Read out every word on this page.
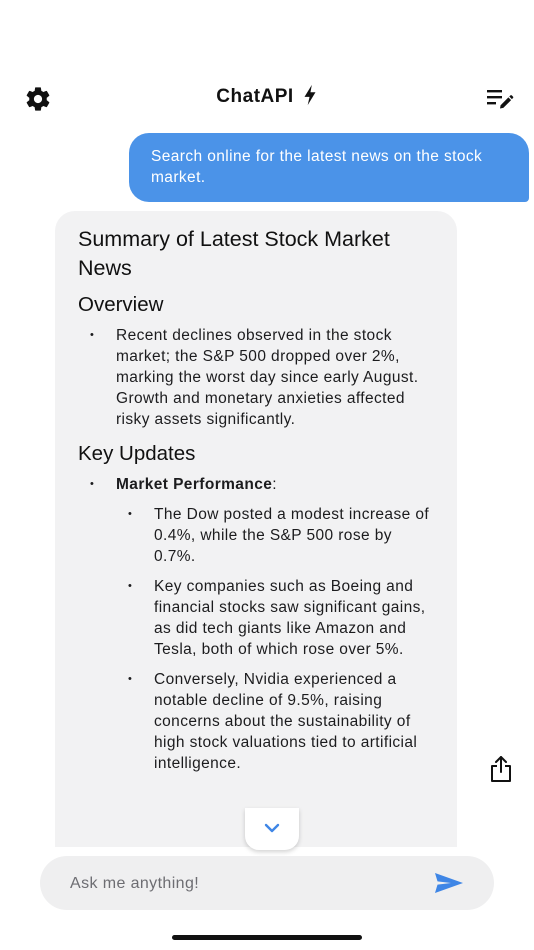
ChatAPI
Search online for the latest news on the stock market.
Summary of Latest Stock Market News
Overview
• Recent declines observed in the stock market; the S&P 500 dropped over 2%, marking the worst day since early August. Growth and monetary anxieties affected risky assets significantly.
Key Updates
• Market Performance:
• The Dow posted a modest increase of 0.4%, while the S&P 500 rose by 0.7%.
• Key companies such as Boeing and financial stocks saw significant gains, as did tech giants like Amazon and Tesla, both of which rose over 5%.
• Conversely, Nvidia experienced a notable decline of 9.5%, raising concerns about the sustainability of high stock valuations tied to artificial intelligence.
Ask me anything!
